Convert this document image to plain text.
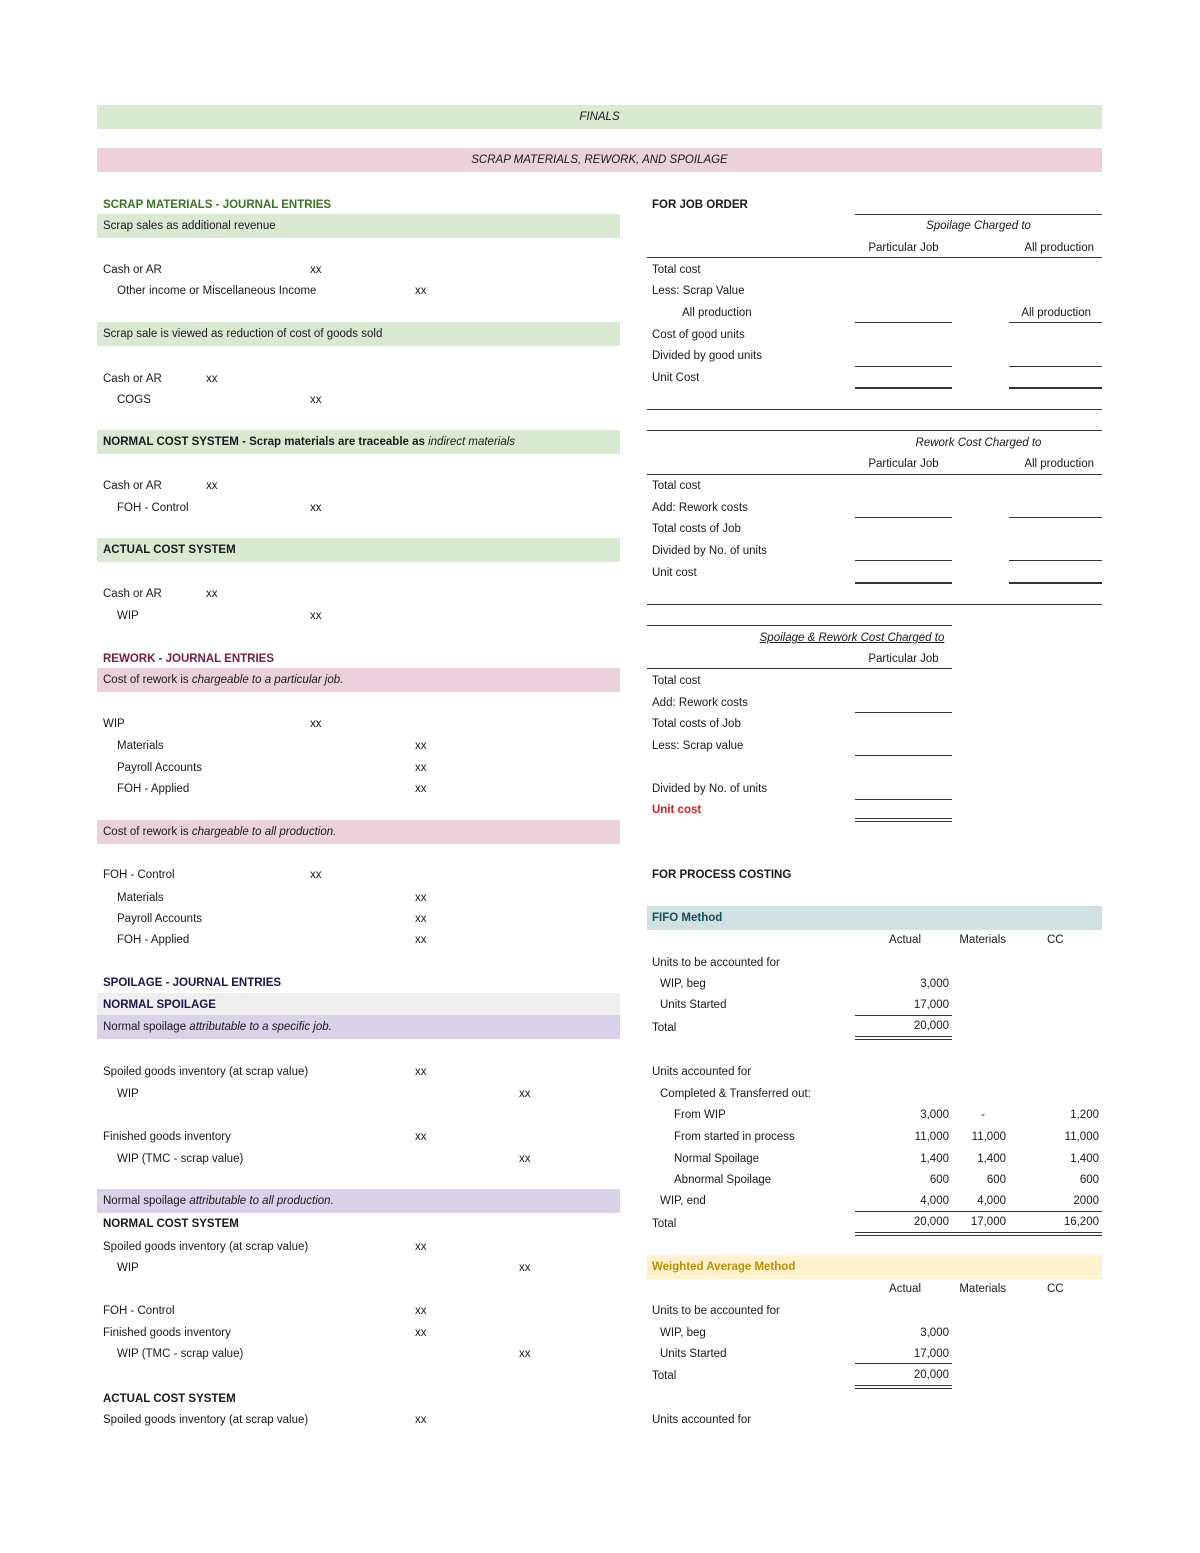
FINALS
SCRAP MATERIALS, REWORK, AND SPOILAGE
SCRAP MATERIALS - JOURNAL ENTRIES
Scrap sales as additional revenue
Cash or AR	xx
Other income or Miscellaneous Income	xx
Scrap sale is viewed as reduction of cost of goods sold
Cash or AR	xx
COGS	xx
NORMAL COST SYSTEM - Scrap materials are traceable as indirect materials
Cash or AR	xx
FOH - Control	xx
ACTUAL COST SYSTEM
Cash or AR	xx
WIP	xx
REWORK - JOURNAL ENTRIES
Cost of rework is chargeable to a particular job.
WIP	xx
Materials	xx
Payroll Accounts	xx
FOH - Applied	xx
Cost of rework is chargeable to all production.
FOH - Control	xx
Materials	xx
Payroll Accounts	xx
FOH - Applied	xx
SPOILAGE - JOURNAL ENTRIES
NORMAL SPOILAGE
Normal spoilage attributable to a specific job.
Spoiled goods inventory (at scrap value)	xx
WIP	xx
Finished goods inventory	xx
WIP (TMC - scrap value)	xx
Normal spoilage attributable to all production.
NORMAL COST SYSTEM
Spoiled goods inventory (at scrap value)	xx
WIP	xx
FOH - Control	xx
Finished goods inventory	xx
WIP (TMC - scrap value)	xx
ACTUAL COST SYSTEM
Spoiled goods inventory (at scrap value)	xx
FOR JOB ORDER
Spoilage Charged to
Particular Job	All production
Total cost
Less: Scrap Value
All production	All production
Cost of good units
Divided by good units
Unit Cost
Rework Cost Charged to
Particular Job	All production
Total cost
Add: Rework costs
Total costs of Job
Divided by No. of units
Unit cost
Spoilage & Rework Cost Charged to
Particular Job
Total cost
Add: Rework costs
Total costs of Job
Less: Scrap value
Divided by No. of units
Unit cost
FOR PROCESS COSTING
FIFO Method
Actual	Materials	CC
Units to be accounted for
WIP, beg	3,000
Units Started	17,000
Total	20,000
Units accounted for
Completed & Transferred out:
From WIP	3,000	-	1,200
From started in process	11,000	11,000	11,000
Normal Spoilage	1,400	1,400	1,400
Abnormal Spoilage	600	600	600
WIP, end	4,000	4,000	2000
Total	20,000	17,000	16,200
Weighted Average Method
Actual	Materials	CC
Units to be accounted for
WIP, beg	3,000
Units Started	17,000
Total	20,000
Units accounted for
